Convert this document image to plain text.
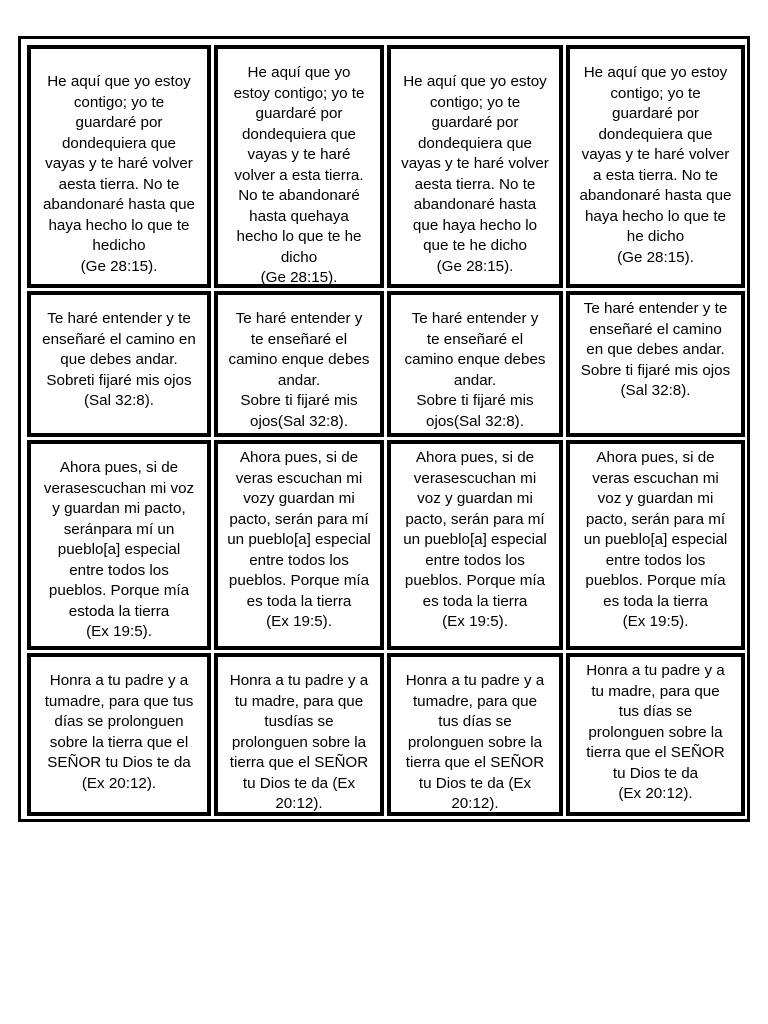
He aquí que yo estoy
contigo; yo te
guardaré por
dondequiera que
vayas y te haré volver
aesta tierra. No te
abandonaré hasta que
haya hecho lo que te
hedicho
(Ge 28:15).

He aquí que yo
estoy contigo; yo te
guardaré por
dondequiera que
vayas y te haré
volver a esta tierra.
No te abandonaré
hasta quehaya
hecho lo que te he
dicho
(Ge 28:15).

He aquí que yo estoy
contigo; yo te
guardaré por
dondequiera que
vayas y te haré volver
aesta tierra. No te
abandonaré hasta
que haya hecho lo
que te he dicho
(Ge 28:15).

He aquí que yo estoy
contigo; yo te
guardaré por
dondequiera que
vayas y te haré volver
a esta tierra. No te
abandonaré hasta que
haya hecho lo que te
he dicho
(Ge 28:15).

Te haré entender y te
enseñaré el camino en
que debes andar.
Sobreti fijaré mis ojos
(Sal 32:8).

Te haré entender y
te enseñaré el
camino enque debes
andar.
Sobre ti fijaré mis
ojos(Sal 32:8).

Te haré entender y
te enseñaré el
camino enque debes
andar.
Sobre ti fijaré mis
ojos(Sal 32:8).

Te haré entender y te
enseñaré el camino
en que debes andar.
Sobre ti fijaré mis ojos
(Sal 32:8).

Ahora pues, si de
verasescuchan mi voz
y guardan mi pacto,
seránpara mí un
pueblo[a] especial
entre todos los
pueblos. Porque mía
estoda la tierra
(Ex 19:5).

Ahora pues, si de
veras escuchan mi
vozy guardan mi
pacto, serán para mí
un pueblo[a] especial
entre todos los
pueblos. Porque mía
es toda la tierra
(Ex 19:5).

Ahora pues, si de
verasescuchan mi
voz y guardan mi
pacto, serán para mí
un pueblo[a] especial
entre todos los
pueblos. Porque mía
es toda la tierra
(Ex 19:5).

Ahora pues, si de
veras escuchan mi
voz y guardan mi
pacto, serán para mí
un pueblo[a] especial
entre todos los
pueblos. Porque mía
es toda la tierra
(Ex 19:5).

Honra a tu padre y a
tumadre, para que tus
días se prolonguen
sobre la tierra que el
SEÑOR tu Dios te da
(Ex 20:12).

Honra a tu padre y a
tu madre, para que
tusdías se
prolonguen sobre la
tierra que el SEÑOR
tu Dios te da (Ex
20:12).

Honra a tu padre y a
tumadre, para que
tus días se
prolonguen sobre la
tierra que el SEÑOR
tu Dios te da (Ex
20:12).

Honra a tu padre y a
tu madre, para que
tus días se
prolonguen sobre la
tierra que el SEÑOR
tu Dios te da
(Ex 20:12).
